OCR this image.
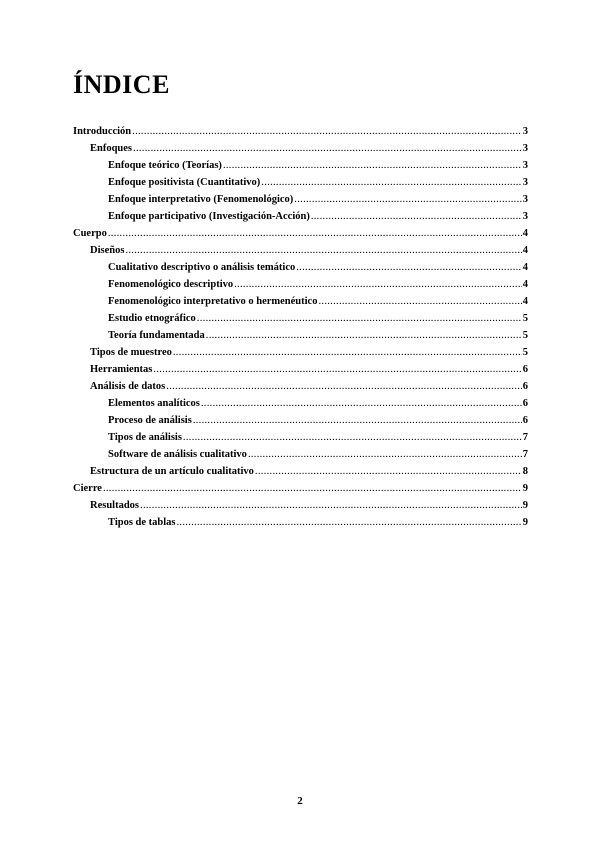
ÍNDICE
Introducción .....	3
Enfoques .....	3
Enfoque teórico (Teorías) .....	3
Enfoque positivista (Cuantitativo) .....	3
Enfoque interpretativo (Fenomenológico) .....	3
Enfoque participativo (Investigación-Acción) .....	3
Cuerpo .....	4
Diseños .....	4
Cualitativo descriptivo o análisis temático .....	4
Fenomenológico descriptivo .....	4
Fenomenológico interpretativo o hermenéutico .....	4
Estudio etnográfico .....	5
Teoría fundamentada .....	5
Tipos de muestreo .....	5
Herramientas .....	6
Análisis de datos .....	6
Elementos analíticos .....	6
Proceso de análisis .....	6
Tipos de análisis .....	7
Software de análisis cualitativo .....	7
Estructura de un artículo cualitativo .....	8
Cierre .....	9
Resultados .....	9
Tipos de tablas .....	9
2
